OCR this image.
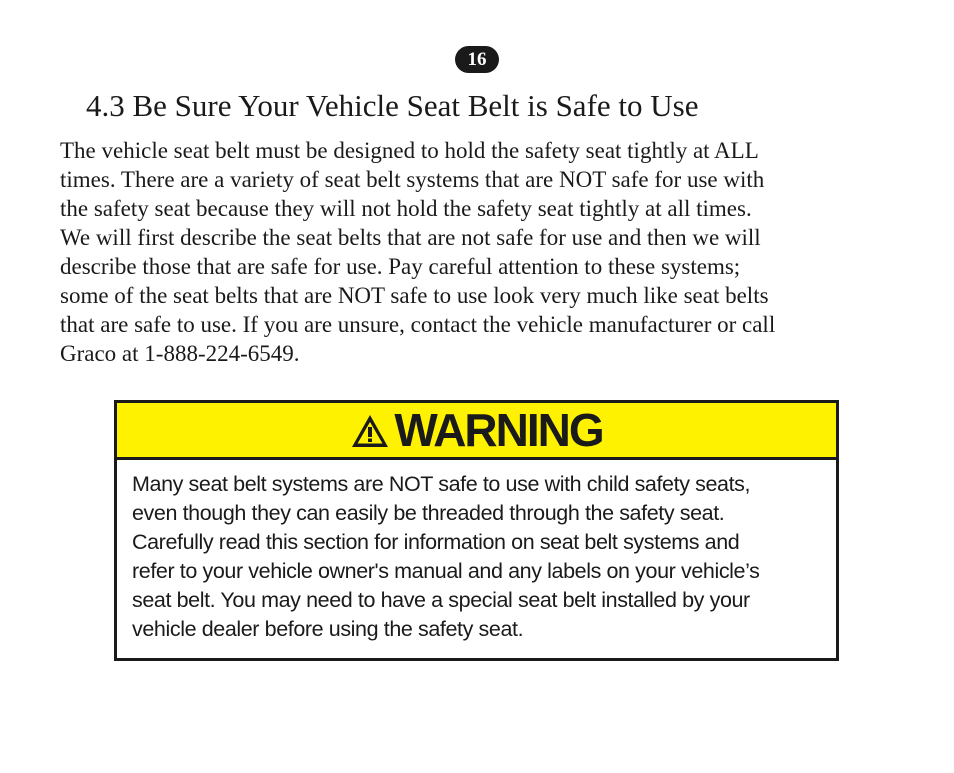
16
4.3 Be Sure Your Vehicle Seat Belt is Safe to Use

The vehicle seat belt must be designed to hold the safety seat tightly at ALL
times. There are a variety of seat belt systems that are NOT safe for use with
the safety seat because they will not hold the safety seat tightly at all times.
We will first describe the seat belts that are not safe for use and then we will
describe those that are safe for use. Pay careful attention to these systems;
some of the seat belts that are NOT safe to use look very much like seat belts
that are safe to use. If you are unsure, contact the vehicle manufacturer or call
Graco at 1-888-224-6549.

WARNING
Many seat belt systems are NOT safe to use with child safety seats,
even though they can easily be threaded through the safety seat.
Carefully read this section for information on seat belt systems and
refer to your vehicle owner's manual and any labels on your vehicle’s
seat belt. You may need to have a special seat belt installed by your
vehicle dealer before using the safety seat.
